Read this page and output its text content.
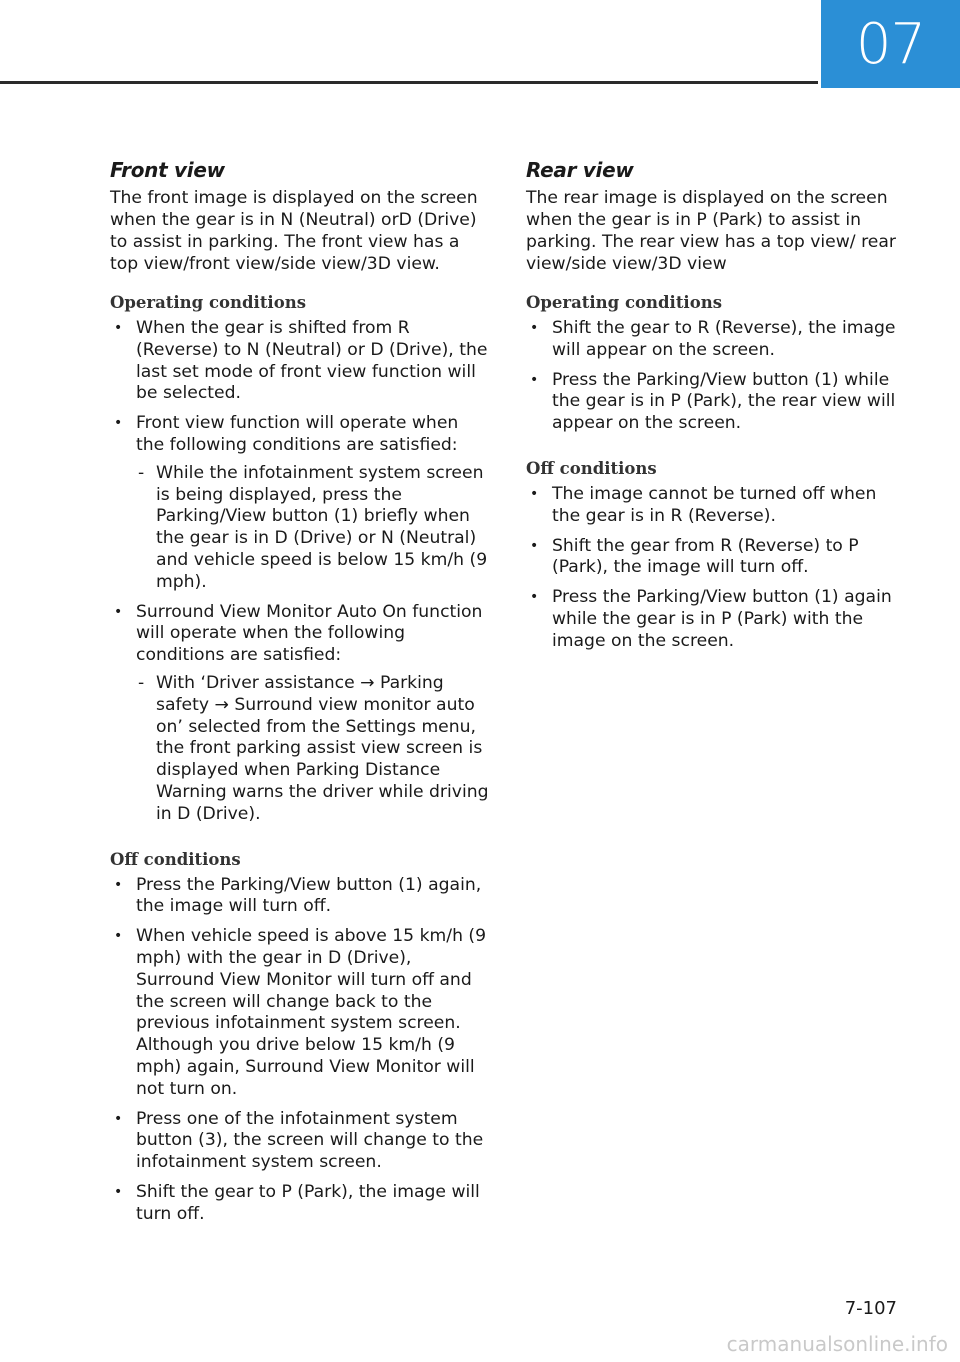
07
Front view

The front image is displayed on the screen when the gear is in N (Neutral) orD (Drive) to assist in parking. The front view has a top view/front view/side view/3D view.

Operating conditions
• When the gear is shifted from R (Reverse) to N (Neutral) or D (Drive), the last set mode of front view function will be selected.
• Front view function will operate when the following conditions are satisfied:
- While the infotainment system screen is being displayed, press the Parking/View button (1) briefly when the gear is in D (Drive) or N (Neutral) and vehicle speed is below 15 km/h (9 mph).
• Surround View Monitor Auto On function will operate when the following conditions are satisfied:
- With ‘Driver assistance → Parking safety → Surround view monitor auto on’ selected from the Settings menu, the front parking assist view screen is displayed when Parking Distance Warning warns the driver while driving in D (Drive).
Off conditions
• Press the Parking/View button (1) again, the image will turn off.
• When vehicle speed is above 15 km/h (9 mph) with the gear in D (Drive), Surround View Monitor will turn off and the screen will change back to the previous infotainment system screen. Although you drive below 15 km/h (9 mph) again, Surround View Monitor will not turn on.
• Press one of the infotainment system button (3), the screen will change to the infotainment system screen.
• Shift the gear to P (Park), the image will turn off.
Rear view

The rear image is displayed on the screen when the gear is in P (Park) to assist in parking. The rear view has a top view/ rear view/side view/3D view

Operating conditions
• Shift the gear to R (Reverse), the image will appear on the screen.
• Press the Parking/View button (1) while the gear is in P (Park), the rear view will appear on the screen.
Off conditions
• The image cannot be turned off when the gear is in R (Reverse).
• Shift the gear from R (Reverse) to P (Park), the image will turn off.
• Press the Parking/View button (1) again while the gear is in P (Park) with the image on the screen.
7-107
carmanualsonline.info
